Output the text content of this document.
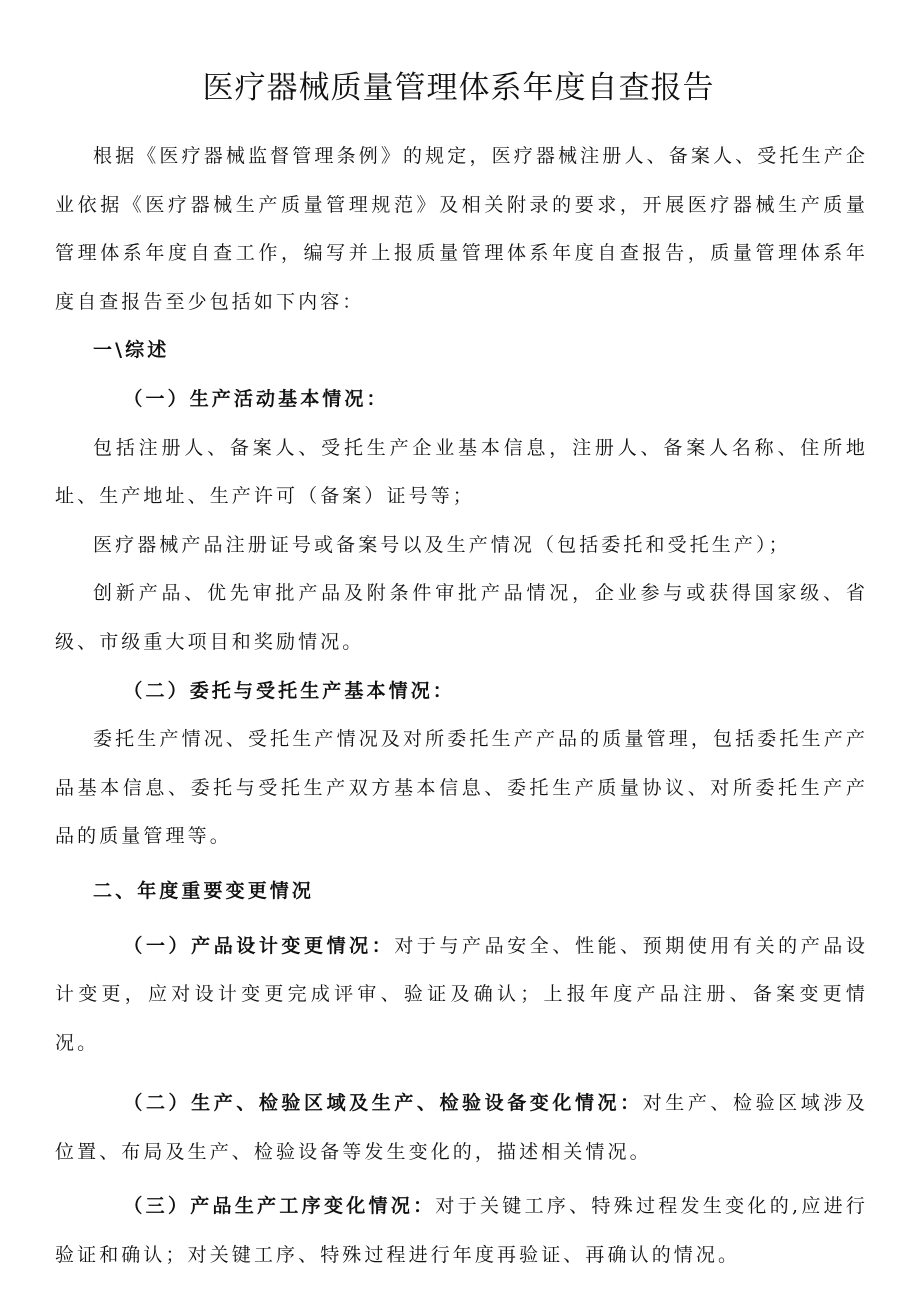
医疗器械质量管理体系年度自查报告

根据《医疗器械监督管理条例》的规定，医疗器械注册人、备案人、受托生产企业依据《医疗器械生产质量管理规范》及相关附录的要求，开展医疗器械生产质量管理体系年度自查工作，编写并上报质量管理体系年度自查报告，质量管理体系年度自查报告至少包括如下内容：

一\综述

（一）生产活动基本情况：

包括注册人、备案人、受托生产企业基本信息，注册人、备案人名称、住所地址、生产地址、生产许可（备案）证号等；

医疗器械产品注册证号或备案号以及生产情况（包括委托和受托生产）；

创新产品、优先审批产品及附条件审批产品情况，企业参与或获得国家级、省级、市级重大项目和奖励情况。

（二）委托与受托生产基本情况：

委托生产情况、受托生产情况及对所委托生产产品的质量管理，包括委托生产产品基本信息、委托与受托生产双方基本信息、委托生产质量协议、对所委托生产产品的质量管理等。

二、年度重要变更情况

（一）产品设计变更情况：对于与产品安全、性能、预期使用有关的产品设计变更，应对设计变更完成评审、验证及确认；上报年度产品注册、备案变更情况。

（二）生产、检验区域及生产、检验设备变化情况：对生产、检验区域涉及位置、布局及生产、检验设备等发生变化的，描述相关情况。

（三）产品生产工序变化情况：对于关键工序、特殊过程发生变化的,应进行验证和确认；对关键工序、特殊过程进行年度再验证、再确认的情况。
